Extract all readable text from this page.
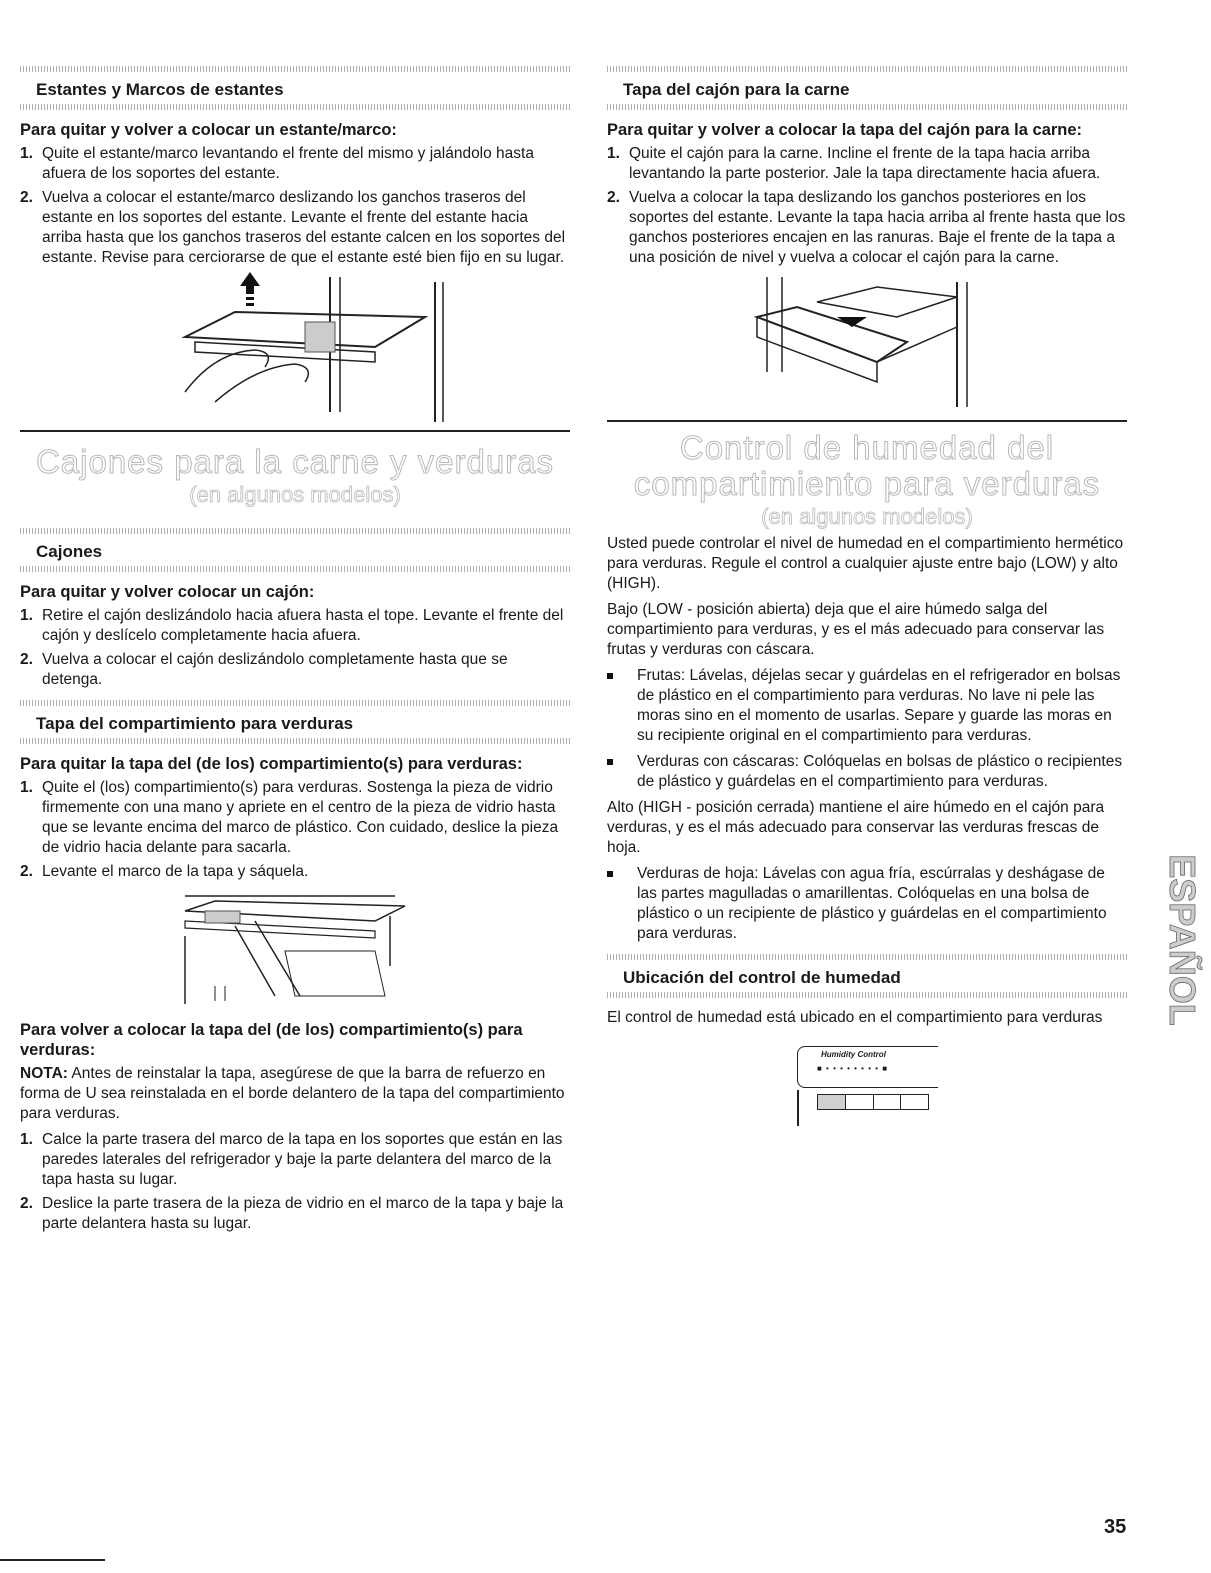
Estantes y Marcos de estantes
Para quitar y volver a colocar un estante/marco:
1. Quite el estante/marco levantando el frente del mismo y jalándolo hasta afuera de los soportes del estante.
2. Vuelva a colocar el estante/marco deslizando los ganchos traseros del estante en los soportes del estante. Levante el frente del estante hacia arriba hasta que los ganchos traseros del estante calcen en los soportes del estante. Revise para cerciorarse de que el estante esté bien fijo en su lugar.
Cajones para la carne y verduras
(en algunos modelos)
Cajones
Para quitar y volver colocar un cajón:
1. Retire el cajón deslizándolo hacia afuera hasta el tope. Levante el frente del cajón y deslícelo completamente hacia afuera.
2. Vuelva a colocar el cajón deslizándolo completamente hasta que se detenga.
Tapa del compartimiento para verduras
Para quitar la tapa del (de los) compartimiento(s) para verduras:
1. Quite el (los) compartimiento(s) para verduras. Sostenga la pieza de vidrio firmemente con una mano y apriete en el centro de la pieza de vidrio hasta que se levante encima del marco de plástico. Con cuidado, deslice la pieza de vidrio hacia delante para sacarla.
2. Levante el marco de la tapa y sáquela.
Para volver a colocar la tapa del (de los) compartimiento(s) para verduras:

NOTA: Antes de reinstalar la tapa, asegúrese de que la barra de refuerzo en forma de U sea reinstalada en el borde delantero de la tapa del compartimiento para verduras.

1. Calce la parte trasera del marco de la tapa en los soportes que están en las paredes laterales del refrigerador y baje la parte delantera del marco de la tapa hasta su lugar.
2. Deslice la parte trasera de la pieza de vidrio en el marco de la tapa y baje la parte delantera hasta su lugar.
Tapa del cajón para la carne
Para quitar y volver a colocar la tapa del cajón para la carne:
1. Quite el cajón para la carne. Incline el frente de la tapa hacia arriba levantando la parte posterior. Jale la tapa directamente hacia afuera.
2. Vuelva a colocar la tapa deslizando los ganchos posteriores en los soportes del estante. Levante la tapa hacia arriba al frente hasta que los ganchos posteriores encajen en las ranuras. Baje el frente de la tapa a una posición de nivel y vuelva a colocar el cajón para la carne.
Control de humedad del
compartimiento para verduras
(en algunos modelos)

Usted puede controlar el nivel de humedad en el compartimiento hermético para verduras. Regule el control a cualquier ajuste entre bajo (LOW) y alto (HIGH).

Bajo (LOW - posición abierta) deja que el aire húmedo salga del compartimiento para verduras, y es el más adecuado para conservar las frutas y verduras con cáscara.

Frutas: Lávelas, déjelas secar y guárdelas en el refrigerador en bolsas de plástico en el compartimiento para verduras. No lave ni pele las moras sino en el momento de usarlas. Separe y guarde las moras en su recipiente original en el compartimiento para verduras.
Verduras con cáscaras: Colóquelas en bolsas de plástico o recipientes de plástico y guárdelas en el compartimiento para verduras.

Alto (HIGH - posición cerrada) mantiene el aire húmedo en el cajón para verduras, y es el más adecuado para conservar las verduras frescas de hoja.

Verduras de hoja: Lávelas con agua fría, escúrralas y deshágase de las partes magulladas o amarillentas. Colóquelas en una bolsa de plástico o un recipiente de plástico y guárdelas en el compartimiento para verduras.
Ubicación del control de humedad

El control de humedad está ubicado en el compartimiento para verduras

Humidity Control
■ • • • • • • • • ■
ESPAÑOL
35
